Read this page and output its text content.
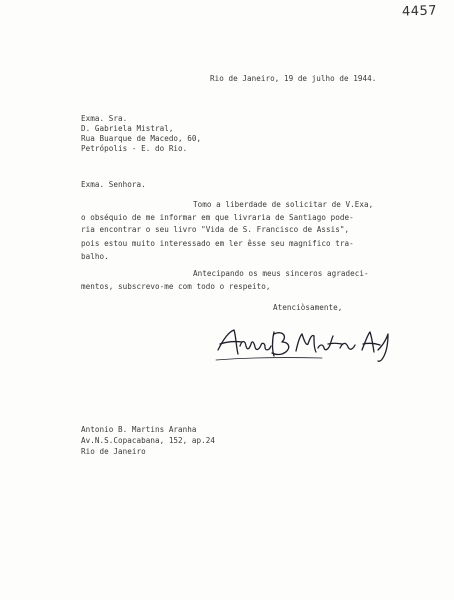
4457
Rio de Janeiro, 19 de julho de 1944.
Exma. Sra.
D. Gabriela Mistral,
Rua Buarque de Macedo, 60,
Petrópolis - E. do Rio.
Exma. Senhora.
Tomo a liberdade de solicitar de V.Exa,
o obséquio de me informar em que livraria de Santiago pode-
ria encontrar o seu livro "Vida de S. Francisco de Assis",
pois estou muito interessado em ler êsse seu magnifico tra-
balho.
Antecipando os meus sinceros agradeci-
mentos, subscrevo-me com todo o respeito,
Atenciòsamente,
Antonio B. Martins Aranha
Av.N.S.Copacabana, 152, ap.24
Rio de Janeiro
